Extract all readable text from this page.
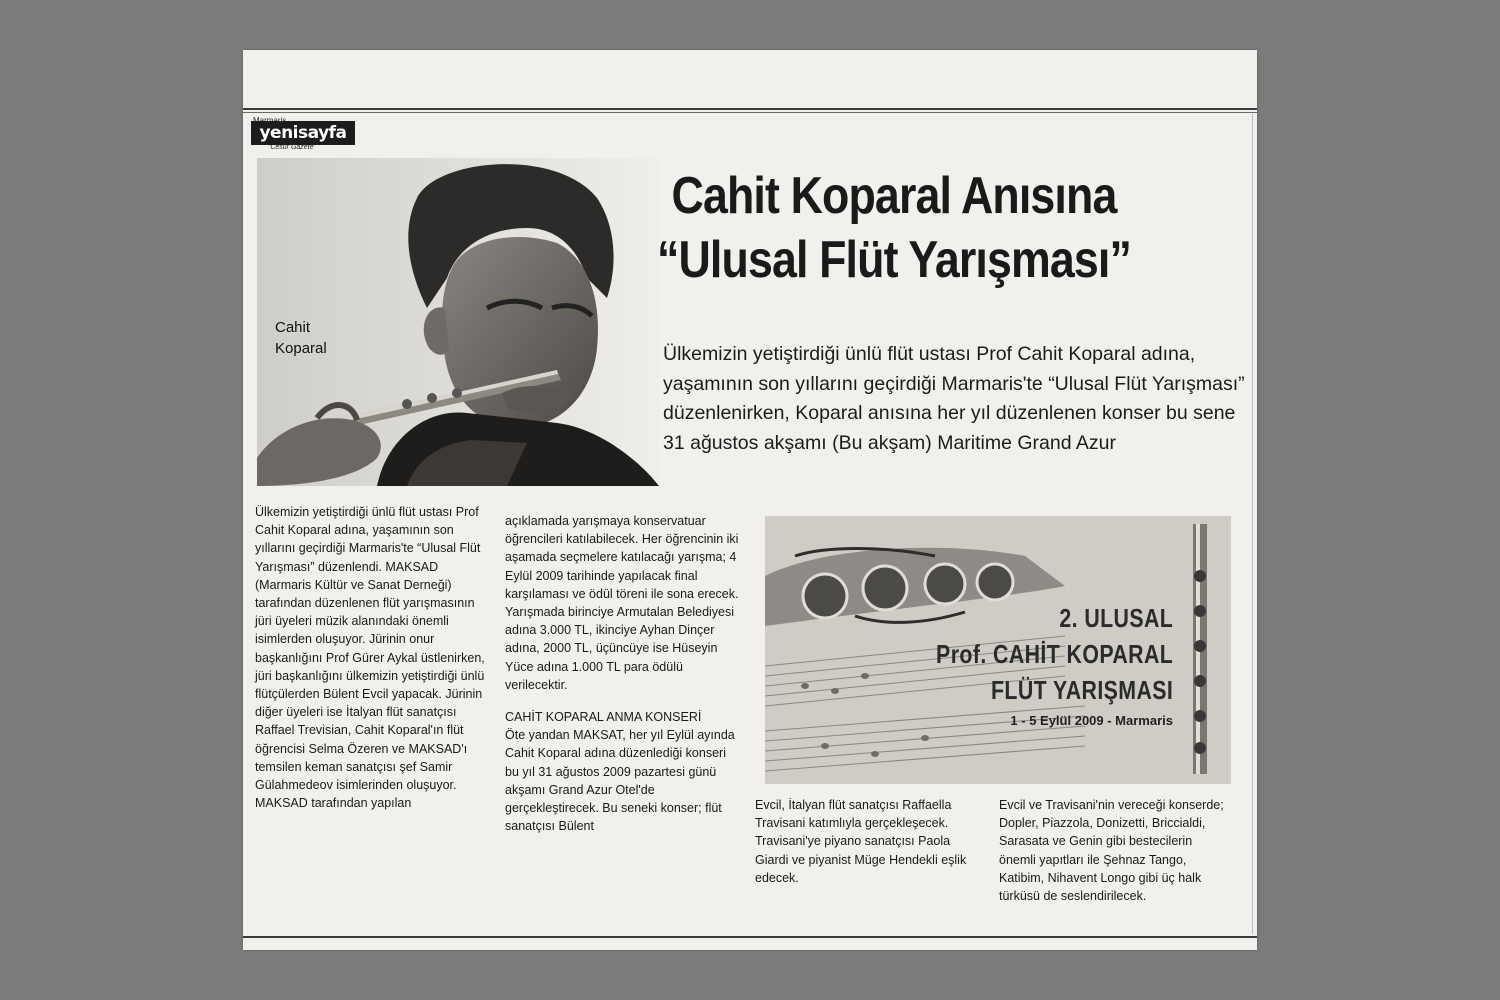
yenisayfa
'Cesur Gazete'
Cahit
Koparal
Cahit Koparal Anısına
“Ulusal Flüt Yarışması”
Ülkemizin yetiştirdiği ünlü flüt ustası Prof Cahit Koparal adına, yaşamının son yıllarını geçirdiği Marmaris'te “Ulusal Flüt Yarışması” düzenlenirken, Koparal anısına her yıl düzenlenen konser bu sene 31 ağustos akşamı (Bu akşam) Maritime Grand Azur

Ülkemizin yetiştirdiği ünlü flüt ustası Prof Cahit Koparal adına, yaşamının son yıllarını geçirdiği Marmaris'te “Ulusal Flüt Yarışması” düzenlendi. MAKSAD (Marmaris Kültür ve Sanat Derneği) tarafından düzenlenen flüt yarışmasının jüri üyeleri müzik alanındaki önemli isimlerden oluşuyor. Jürinin onur başkanlığını Prof Gürer Aykal üstlenirken, jüri başkanlığını ülkemizin yetiştirdiği ünlü flütçülerden Bülent Evcil yapacak. Jürinin diğer üyeleri ise İtalyan flüt sanatçısı Raffael Trevisian, Cahit Koparal'ın flüt öğrencisi Selma Özeren ve MAKSAD'ı temsilen keman sanatçısı şef Samir Gülahmedeov isimlerinden oluşuyor.

MAKSAD tarafından yapılan

açıklamada yarışmaya konservatuar öğrencileri katılabilecek. Her öğrencinin iki aşamada seçmelere katılacağı yarışma; 4 Eylül 2009 tarihinde yapılacak final karşılaması ve ödül töreni ile sona erecek. Yarışmada birinciye Armutalan Belediyesi adına 3.000 TL, ikinciye Ayhan Dinçer adına, 2000 TL, üçüncüye ise Hüseyin Yüce adına 1.000 TL para ödülü verilecektir.

CAHİT KOPARAL ANMA KONSERİ

Öte yandan MAKSAT, her yıl Eylül ayında Cahit Koparal adına düzenlediği konseri bu yıl 31 ağustos 2009 pazartesi günü akşamı Grand Azur Otel'de gerçekleştirecek. Bu seneki konser; flüt sanatçısı Bülent

2. ULUSAL
Prof. CAHİT KOPARAL
FLÜT YARIŞMASI
1 - 5 Eylül 2009 - Marmaris

Evcil, İtalyan flüt sanatçısı Raffaella Travisani katımlıyla gerçekleşecek. Travisani'ye piyano sanatçısı Paola Giardi ve piyanist Müge Hendekli eşlik edecek.

Evcil ve Travisani'nin vereceği konserde; Dopler, Piazzola, Donizetti, Briccialdi, Sarasata ve Genin gibi bestecilerin önemli yapıtları ile Şehnaz Tango, Katibim, Nihavent Longo gibi üç halk türküsü de seslendirilecek.
